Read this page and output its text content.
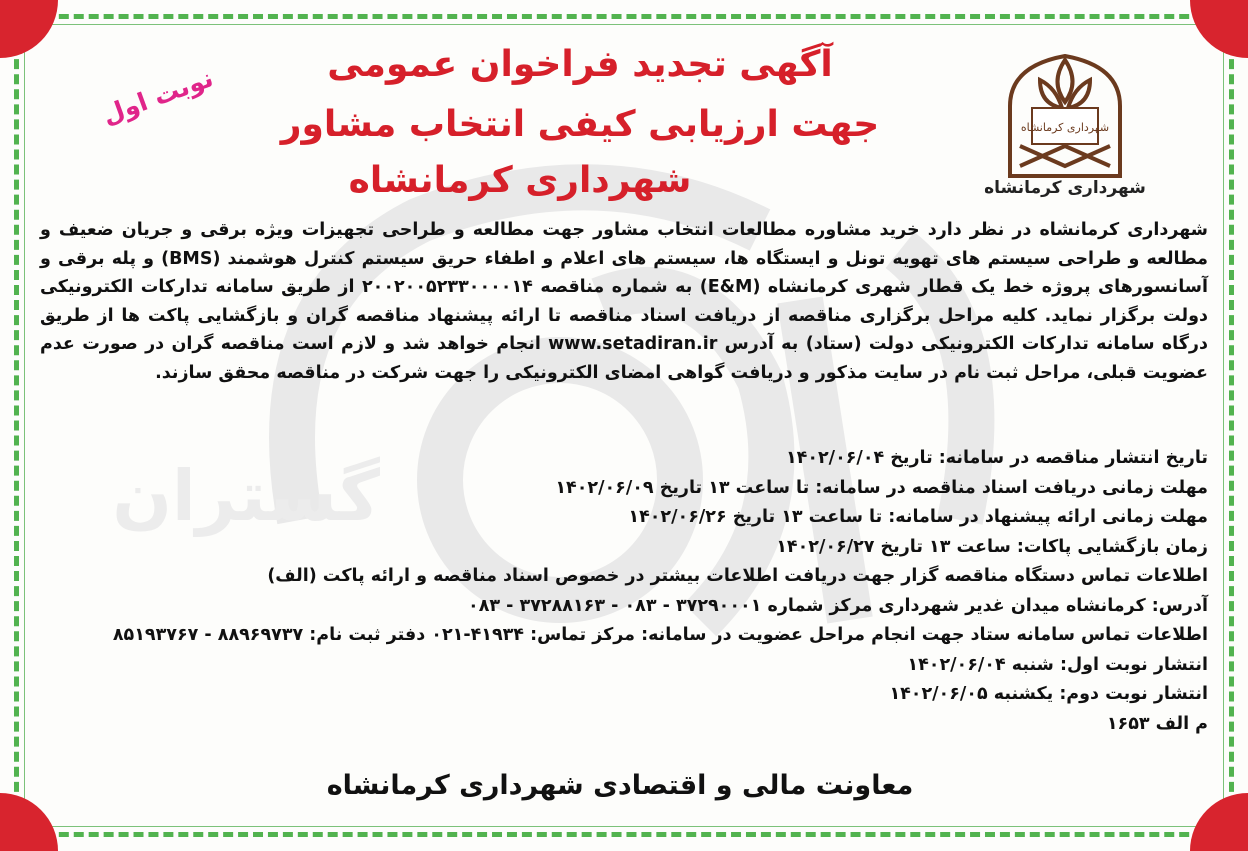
گستران
آگهی تجدید فراخوان عمومی
جهت ارزیابی کیفی انتخاب مشاور
شهرداری کرمانشاه
نوبت اول	شهرداری کرمانشاه
شهرداری کرمانشاه

شهرداری کرمانشاه در نظر دارد خرید مشاوره مطالعات انتخاب مشاور جهت مطالعه و طراحی تجهیزات ویژه برقی و جریان ضعیف و مطالعه و طراحی سیستم های تهویه تونل و ایستگاه ها، سیستم های اعلام و اطفاء حریق سیستم کنترل هوشمند (BMS) و پله برقی و آسانسورهای پروژه خط یک قطار شهری کرمانشاه (E&M) به شماره مناقصه ۲۰۰۲۰۰۵۲۳۳۰۰۰۰۱۴ از طریق سامانه تدارکات الکترونیکی دولت برگزار نماید. کلیه مراحل برگزاری مناقصه از دریافت اسناد مناقصه تا ارائه پیشنهاد مناقصه گران و بازگشایی پاکت ها از طریق درگاه سامانه تدارکات الکترونیکی دولت (ستاد) به آدرس www.setadiran.ir انجام خواهد شد و لازم است مناقصه گران در صورت عدم عضویت قبلی، مراحل ثبت نام در سایت مذکور و دریافت گواهی امضای الکترونیکی را جهت شرکت در مناقصه محقق سازند.

تاریخ انتشار مناقصه در سامانه: تاریخ ۱۴۰۲/۰۶/۰۴
مهلت زمانی دریافت اسناد مناقصه در سامانه: تا ساعت ۱۳ تاریخ ۱۴۰۲/۰۶/۰۹
مهلت زمانی ارائه پیشنهاد در سامانه: تا ساعت ۱۳ تاریخ ۱۴۰۲/۰۶/۲۶
زمان بازگشایی پاکات: ساعت ۱۳ تاریخ ۱۴۰۲/۰۶/۲۷
اطلاعات تماس دستگاه مناقصه گزار جهت دریافت اطلاعات بیشتر در خصوص اسناد مناقصه و ارائه پاکت (الف)
آدرس: کرمانشاه میدان غدیر شهرداری مرکز شماره ۳۷۲۹۰۰۰۱ - ۰۸۳ - ۳۷۲۸۸۱۶۳ - ۰۸۳
اطلاعات تماس سامانه ستاد جهت انجام مراحل عضویت در سامانه: مرکز تماس: ۴۱۹۳۴-۰۲۱ دفتر ثبت نام: ۸۸۹۶۹۷۳۷ - ۸۵۱۹۳۷۶۷
انتشار نوبت اول: شنبه ۱۴۰۲/۰۶/۰۴
انتشار نوبت دوم: یکشنبه ۱۴۰۲/۰۶/۰۵
م الف ۱۶۵۳
معاونت مالی و اقتصادی شهرداری کرمانشاه
